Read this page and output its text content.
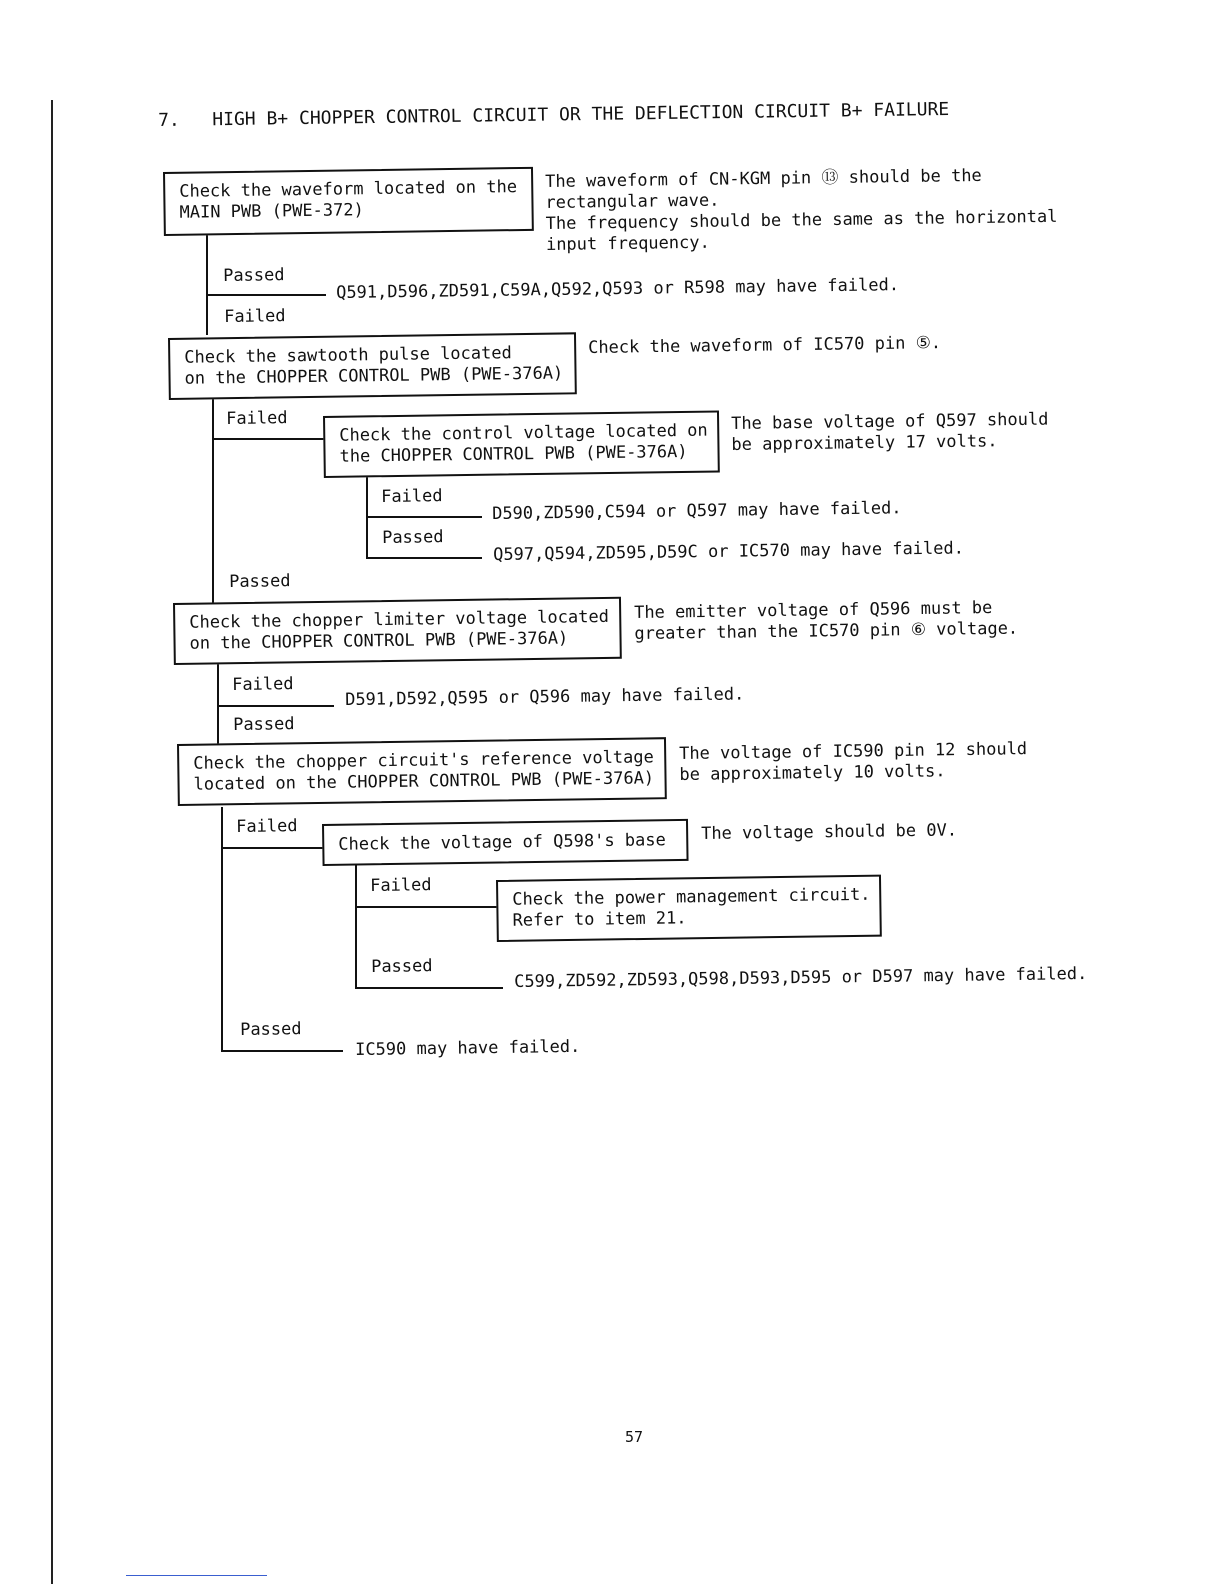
7. HIGH B+ CHOPPER CONTROL CIRCUIT OR THE DEFLECTION CIRCUIT B+ FAILURE
Check the waveform located on the
MAIN PWB (PWE-372)
Check the sawtooth pulse located
on the CHOPPER CONTROL PWB (PWE-376A)
Check the control voltage located on
the CHOPPER CONTROL PWB (PWE-376A)
Check the chopper limiter voltage located
on the CHOPPER CONTROL PWB (PWE-376A)
Check the chopper circuit's reference voltage
located on the CHOPPER CONTROL PWB (PWE-376A)
Check the voltage of Q598's base
Check the power management circuit.
Refer to item 21.
The waveform of CN-KGM pin ⑬ should be the
rectangular wave.
The frequency should be the same as the horizontal
input frequency.
Check the waveform of IC570 pin ⑤.
The base voltage of Q597 should
be approximately 17 volts.
The emitter voltage of Q596 must be
greater than the IC570 pin ⑥ voltage.
The voltage of IC590 pin 12 should
be approximately 10 volts.
The voltage should be 0V.
Passed
Failed
Failed
Failed
Passed
Passed
Failed
Passed
Failed
Failed
Passed
Passed
Q591,D596,ZD591,C59A,Q592,Q593 or R598 may have failed.
D590,ZD590,C594 or Q597 may have failed.
Q597,Q594,ZD595,D59C or IC570 may have failed.
D591,D592,Q595 or Q596 may have failed.
C599,ZD592,ZD593,Q598,D593,D595 or D597 may have failed.
IC590 may have failed.
57
